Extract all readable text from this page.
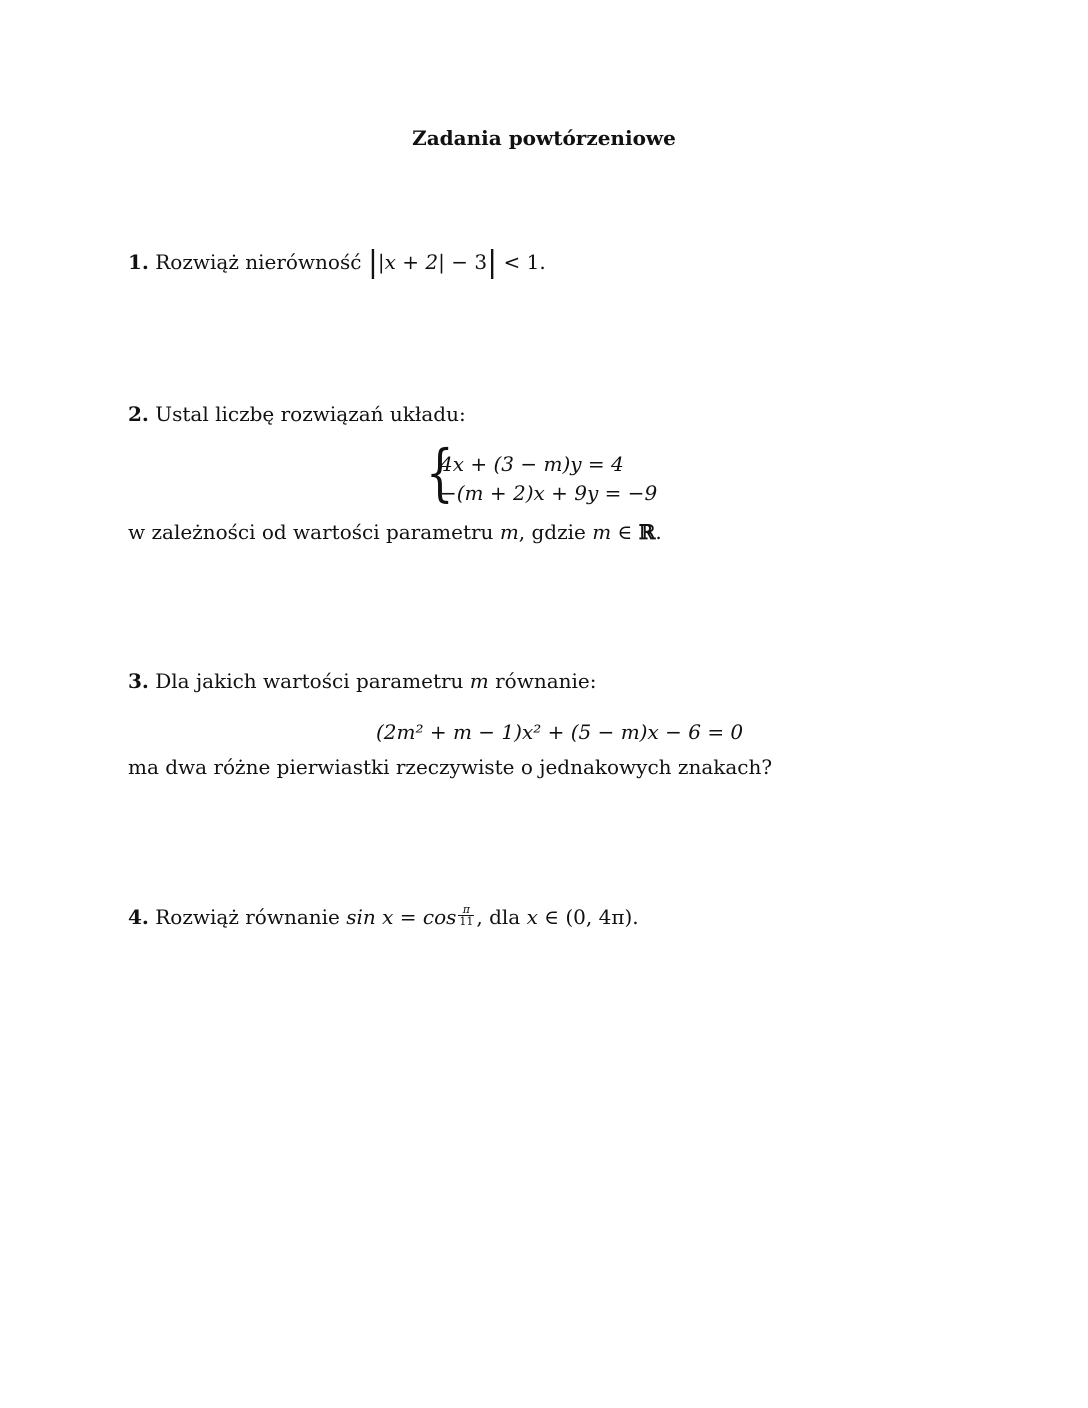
Zadania powtórzeniowe
1. Rozwiąż nierówność ||x + 2| − 3| < 1.
2. Ustal liczbę rozwiązań układu:
{
4x + (3 − m)y = 4
−(m + 2)x + 9y = −9
w zależności od wartości parametru m, gdzie m ∈ ℝ.
3. Dla jakich wartości parametru m równanie:
(2m² + m − 1)x² + (5 − m)x − 6 = 0
ma dwa różne pierwiastki rzeczywiste o jednakowych znakach?
4. Rozwiąż równanie $\sin x = \cos \frac{\pi}{11}$ , dla x ∈ (0, 4π).
